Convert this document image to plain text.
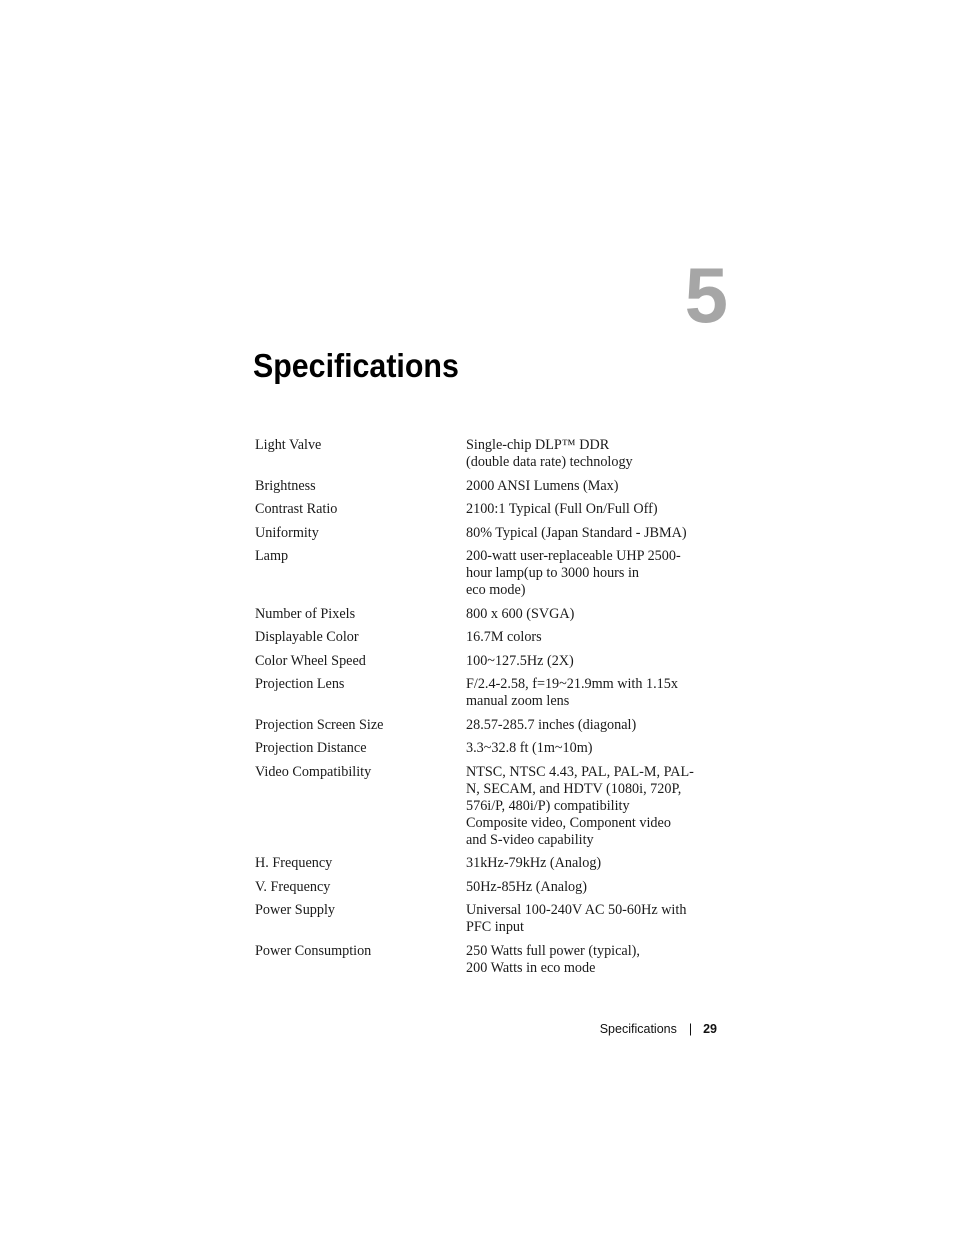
5
Specifications
Light Valve	Single-chip DLP™ DDR
(double data rate) technology
Brightness	2000 ANSI Lumens (Max)
Contrast Ratio	2100:1 Typical (Full On/Full Off)
Uniformity	80% Typical (Japan Standard - JBMA)
Lamp	200-watt user-replaceable UHP 2500-
hour lamp(up to 3000 hours in
eco mode)
Number of Pixels	800 x 600 (SVGA)
Displayable Color	16.7M colors
Color Wheel Speed	100~127.5Hz (2X)
Projection Lens	F/2.4-2.58, f=19~21.9mm with 1.15x
manual zoom lens
Projection Screen Size	28.57-285.7 inches (diagonal)
Projection Distance	3.3~32.8 ft (1m~10m)
Video Compatibility	NTSC, NTSC 4.43, PAL, PAL-M, PAL-
N, SECAM, and HDTV (1080i, 720P,
576i/P, 480i/P) compatibility
Composite video, Component video
and S-video capability
H. Frequency	31kHz-79kHz (Analog)
V. Frequency	50Hz-85Hz (Analog)
Power Supply	Universal 100-240V AC 50-60Hz with
PFC input
Power Consumption	250 Watts full power (typical),
200 Watts in eco mode
Specifications | 29
